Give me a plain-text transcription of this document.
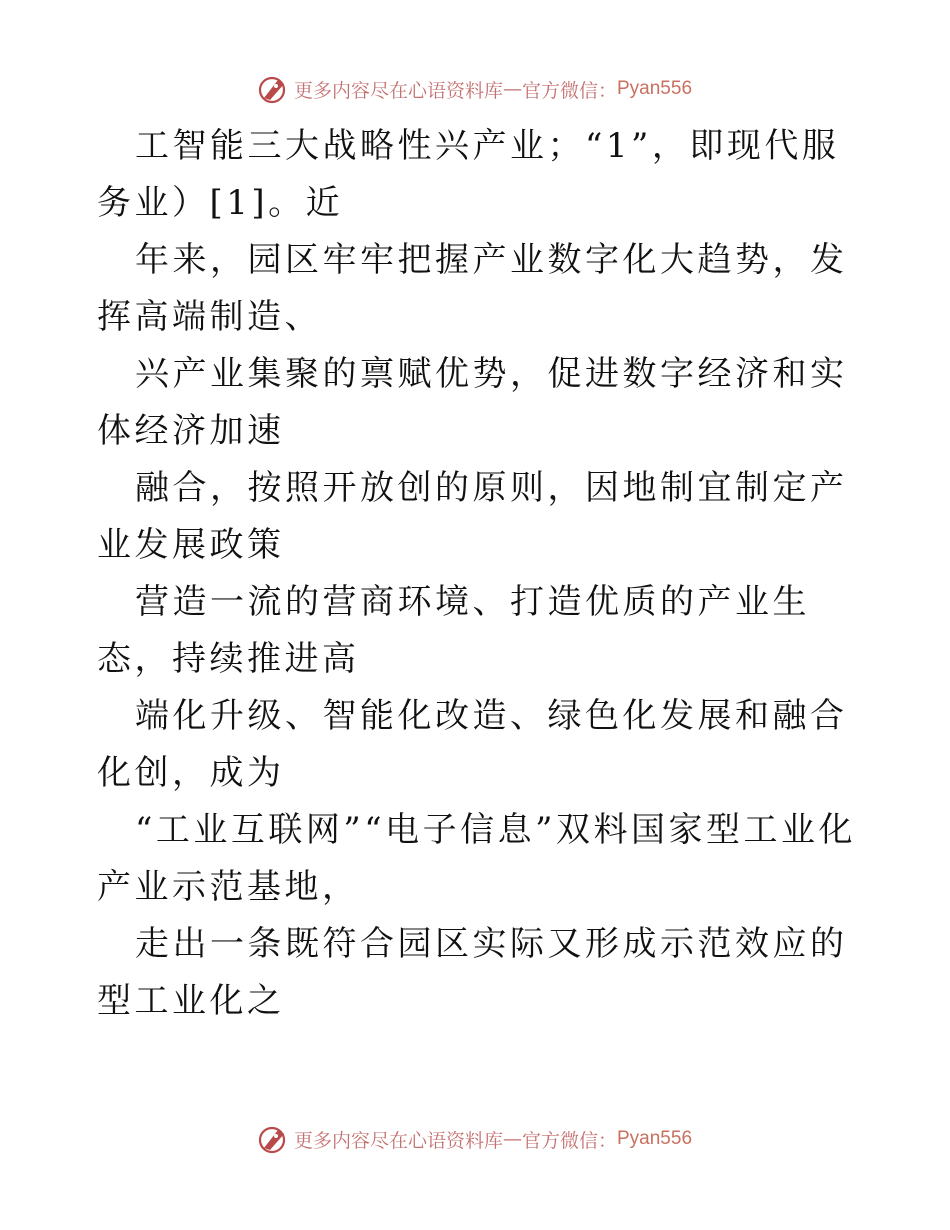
更多内容尽在心语资料库 — 官方微信： Pyan556

工智能三大战略性兴产业；“1”，即现代服务业）[1]。近

年来，园区牢牢把握产业数字化大趋势，发挥高端制造、

兴产业集聚的禀赋优势，促进数字经济和实体经济加速

融合，按照开放创的原则，因地制宜制定产业发展政策

营造一流的营商环境、打造优质的产业生态，持续推进高

端化升级、智能化改造、绿色化发展和融合化创，成为

“工业互联网”“电子信息”双料国家型工业化产业示范基地，

走出一条既符合园区实际又形成示范效应的型工业化之

更多内容尽在心语资料库 — 官方微信： Pyan556
